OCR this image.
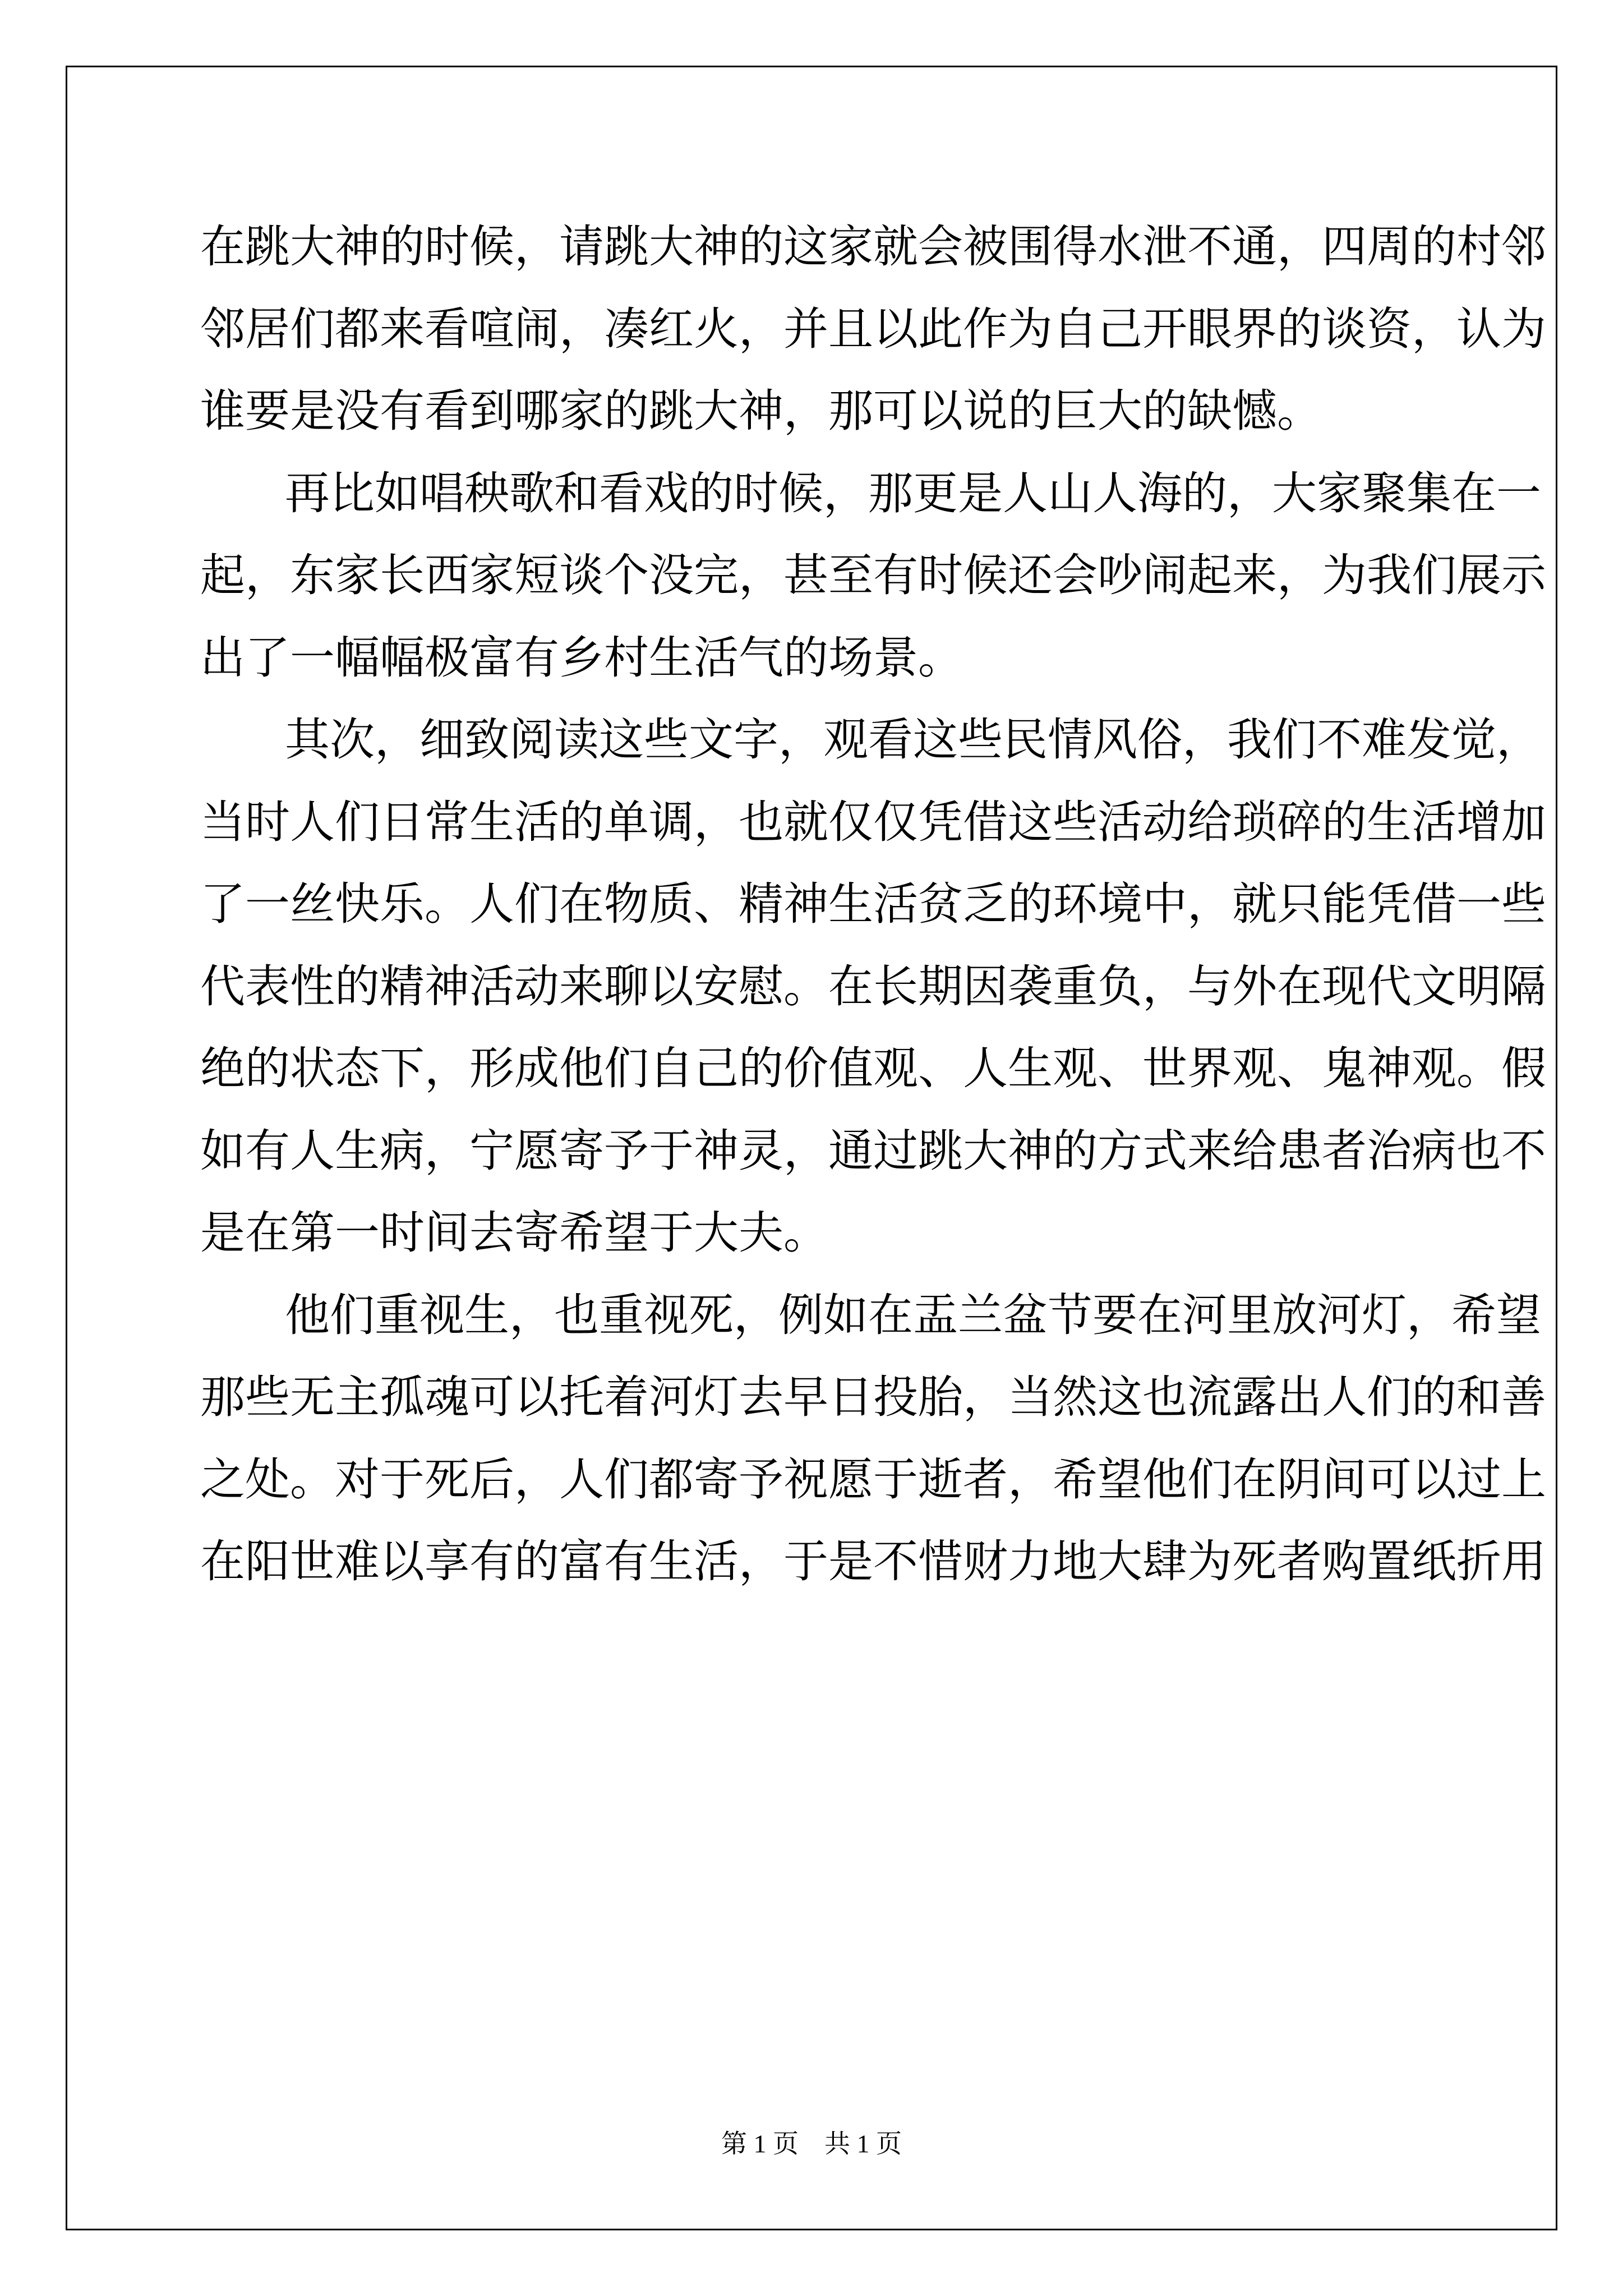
在跳大神的时候，请跳大神的这家就会被围得水泄不通，四周的村邻
邻居们都来看喧闹，凑红火，并且以此作为自己开眼界的谈资，认为
谁要是没有看到哪家的跳大神，那可以说的巨大的缺憾。
再比如唱秧歌和看戏的时候，那更是人山人海的，大家聚集在一
起，东家长西家短谈个没完，甚至有时候还会吵闹起来，为我们展示
出了一幅幅极富有乡村生活气的场景。
其次，细致阅读这些文字，观看这些民情风俗，我们不难发觉，
当时人们日常生活的单调，也就仅仅凭借这些活动给琐碎的生活增加
了一丝快乐。人们在物质、精神生活贫乏的环境中，就只能凭借一些
代表性的精神活动来聊以安慰。在长期因袭重负，与外在现代文明隔
绝的状态下，形成他们自己的价值观、人生观、世界观、鬼神观。假
如有人生病，宁愿寄予于神灵，通过跳大神的方式来给患者治病也不
是在第一时间去寄希望于大夫。
他们重视生，也重视死，例如在盂兰盆节要在河里放河灯，希望
那些无主孤魂可以托着河灯去早日投胎，当然这也流露出人们的和善
之处。对于死后，人们都寄予祝愿于逝者，希望他们在阴间可以过上
在阳世难以享有的富有生活，于是不惜财力地大肆为死者购置纸折用
第 1 页　共 1 页
